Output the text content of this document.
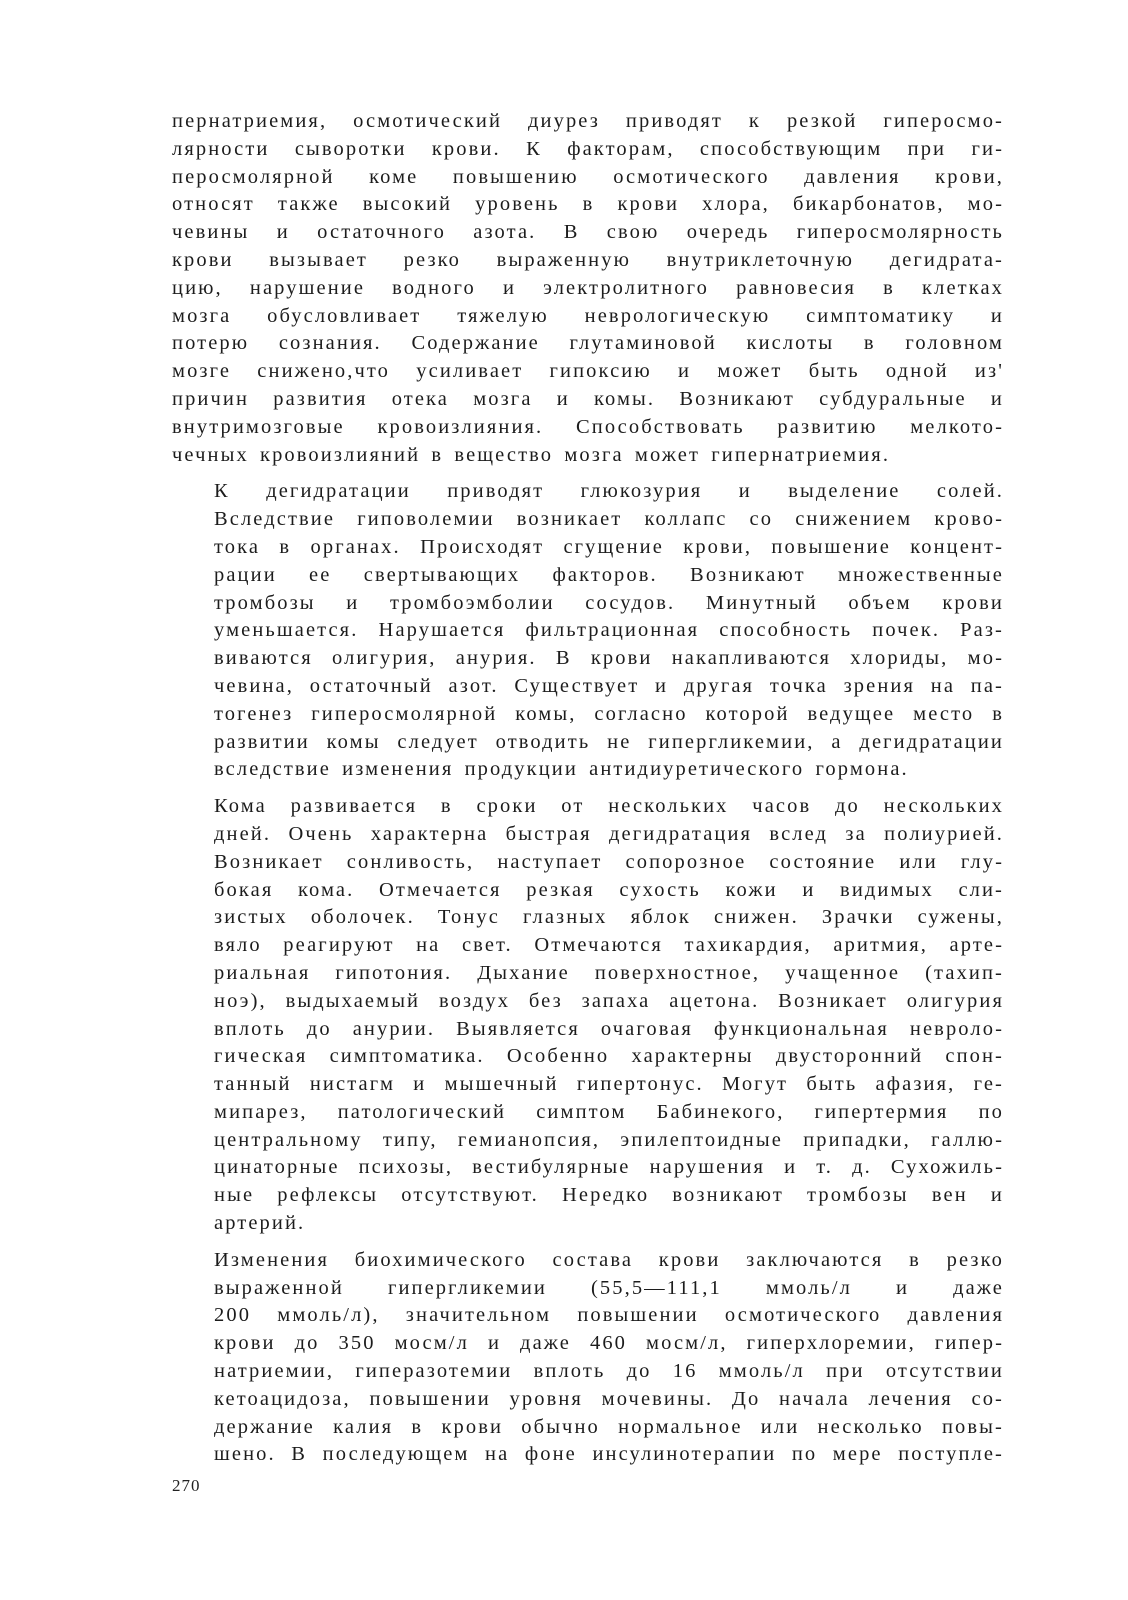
пернатриемия, осмотический диурез приводят к резкой гиперосмо-
лярности сыворотки крови. К факторам, способствующим при ги-
перосмолярной коме повышению осмотического давления крови,
относят также высокий уровень в крови хлора, бикарбонатов, мо-
чевины и остаточного азота. В свою очередь гиперосмолярность
крови вызывает резко выраженную внутриклеточную дегидрата-
цию, нарушение водного и электролитного равновесия в клетках
мозга обусловливает тяжелую неврологическую симптоматику и
потерю сознания. Содержание глутаминовой кислоты в головном
мозге снижено,что усиливает гипоксию и может быть одной из'
причин развития отека мозга и комы. Возникают субдуральные и
внутримозговые кровоизлияния. Способствовать развитию мелкото-
чечных кровоизлияний в вещество мозга может гипернатриемия.
К дегидратации приводят глюкозурия и выделение солей.
Вследствие гиповолемии возникает коллапс со снижением крово-
тока в органах. Происходят сгущение крови, повышение концент-
рации ее свертывающих факторов. Возникают множественные
тромбозы и тромбоэмболии сосудов. Минутный объем крови
уменьшается. Нарушается фильтрационная способность почек. Раз-
виваются олигурия, анурия. В крови накапливаются хлориды, мо-
чевина, остаточный азот. Существует и другая точка зрения на па-
тогенез гиперосмолярной комы, согласно которой ведущее место в
развитии комы следует отводить не гипергликемии, а дегидратации
вследствие изменения продукции антидиуретического гормона.
Кома развивается в сроки от нескольких часов до нескольких
дней. Очень характерна быстрая дегидратация вслед за полиурией.
Возникает сонливость, наступает сопорозное состояние или глу-
бокая кома. Отмечается резкая сухость кожи и видимых сли-
зистых оболочек. Тонус глазных яблок снижен. Зрачки сужены,
вяло реагируют на свет. Отмечаются тахикардия, аритмия, арте-
риальная гипотония. Дыхание поверхностное, учащенное (тахип-
ноэ), выдыхаемый воздух без запаха ацетона. Возникает олигурия
вплоть до анурии. Выявляется очаговая функциональная невроло-
гическая симптоматика. Особенно характерны двусторонний спон-
танный нистагм и мышечный гипертонус. Могут быть афазия, ге-
мипарез, патологический симптом Бабинекого, гипертермия по
центральному типу, гемианопсия, эпилептоидные припадки, галлю-
цинаторные психозы, вестибулярные нарушения и т. д. Сухожиль-
ные рефлексы отсутствуют. Нередко возникают тромбозы вен и
артерий.
Изменения биохимического состава крови заключаются в резко
выраженной гипергликемии (55,5—111,1 ммоль/л и даже
200 ммоль/л), значительном повышении осмотического давления
крови до 350 мосм/л и даже 460 мосм/л, гиперхлоремии, гипер-
натриемии, гиперазотемии вплоть до 16 ммоль/л при отсутствии
кетоацидоза, повышении уровня мочевины. До начала лечения со-
держание калия в крови обычно нормальное или несколько повы-
шено. В последующем на фоне инсулинотерапии по мере поступле-
270
